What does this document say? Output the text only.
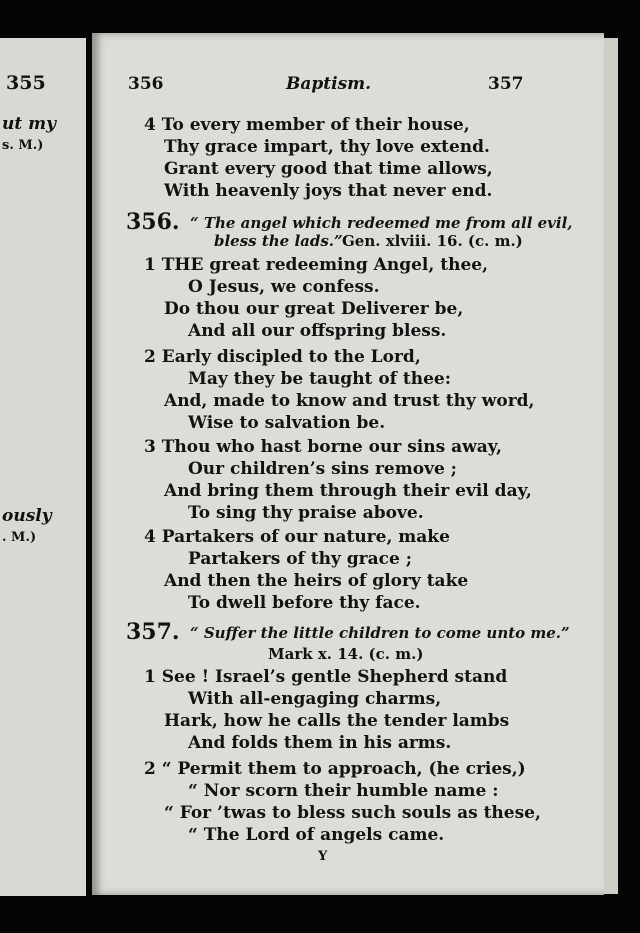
355
ut my
s. M.)
ously
. M.)
356	Baptism.	357
4 To every member of their house,
Thy grace impart, thy love extend.
Grant every good that time allows,
With heavenly joys that never end.
356. “ The angel which redeemed me from all evil,
bless the lads.” Gen. xlviii. 16. (c. m.)
1 THE great redeeming Angel, thee,
O Jesus, we confess.
Do thou our great Deliverer be,
And all our offspring bless.
2 Early discipled to the Lord,
May they be taught of thee:
And, made to know and trust thy word,
Wise to salvation be.
3 Thou who hast borne our sins away,
Our children’s sins remove ;
And bring them through their evil day,
To sing thy praise above.
4 Partakers of our nature, make
Partakers of thy grace ;
And then the heirs of glory take
To dwell before thy face.
357. “ Suffer the little children to come unto me.”
Mark x. 14. (c. m.)
1 See ! Israel’s gentle Shepherd stand
With all-engaging charms,
Hark, how he calls the tender lambs
And folds them in his arms.
2 “ Permit them to approach, (he cries,)
“ Nor scorn their humble name :
“ For ’twas to bless such souls as these,
“ The Lord of angels came.
Y
